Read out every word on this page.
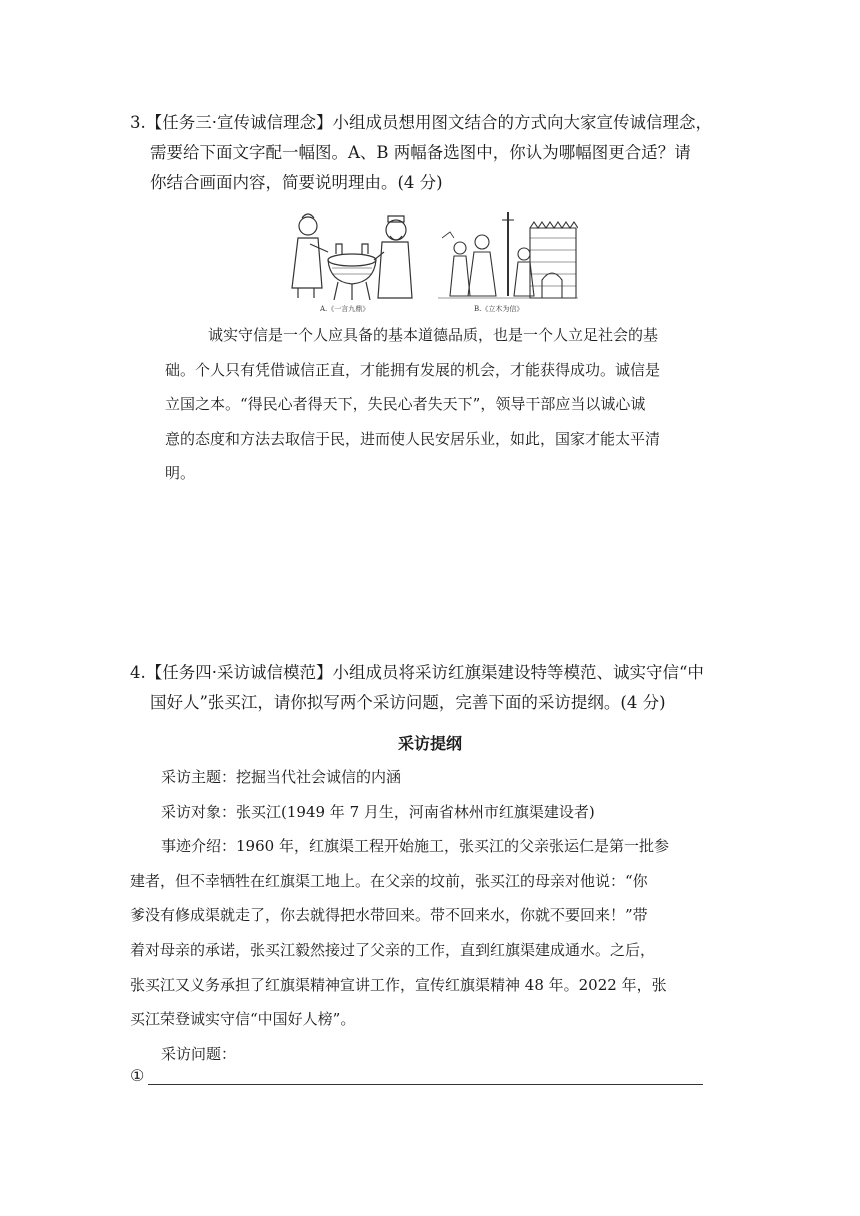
3.【任务三·宣传诚信理念】小组成员想用图文结合的方式向大家宣传诚信理念，
需要给下面文字配一幅图。A、B 两幅备选图中，你认为哪幅图更合适？请
你结合画面内容，简要说明理由。(4 分)
A.《一言九鼎》	B.《立木为信》
诚实守信是一个人应具备的基本道德品质，也是一个人立足社会的基
础。个人只有凭借诚信正直，才能拥有发展的机会，才能获得成功。诚信是
立国之本。“得民心者得天下，失民心者失天下”，领导干部应当以诚心诚
意的态度和方法去取信于民，进而使人民安居乐业，如此，国家才能太平清
明。
4.【任务四·采访诚信模范】小组成员将采访红旗渠建设特等模范、诚实守信“中
国好人”张买江，请你拟写两个采访问题，完善下面的采访提纲。(4 分)
采访提纲
采访主题：挖掘当代社会诚信的内涵
采访对象：张买江(1949 年 7 月生，河南省林州市红旗渠建设者)
事迹介绍：1960 年，红旗渠工程开始施工，张买江的父亲张运仁是第一批参
建者，但不幸牺牲在红旗渠工地上。在父亲的坟前，张买江的母亲对他说：“你
爹没有修成渠就走了，你去就得把水带回来。带不回来水，你就不要回来！”带
着对母亲的承诺，张买江毅然接过了父亲的工作，直到红旗渠建成通水。之后，
张买江又义务承担了红旗渠精神宣讲工作，宣传红旗渠精神 48 年。2022 年，张
买江荣登诚实守信“中国好人榜”。
采访问题：
①
